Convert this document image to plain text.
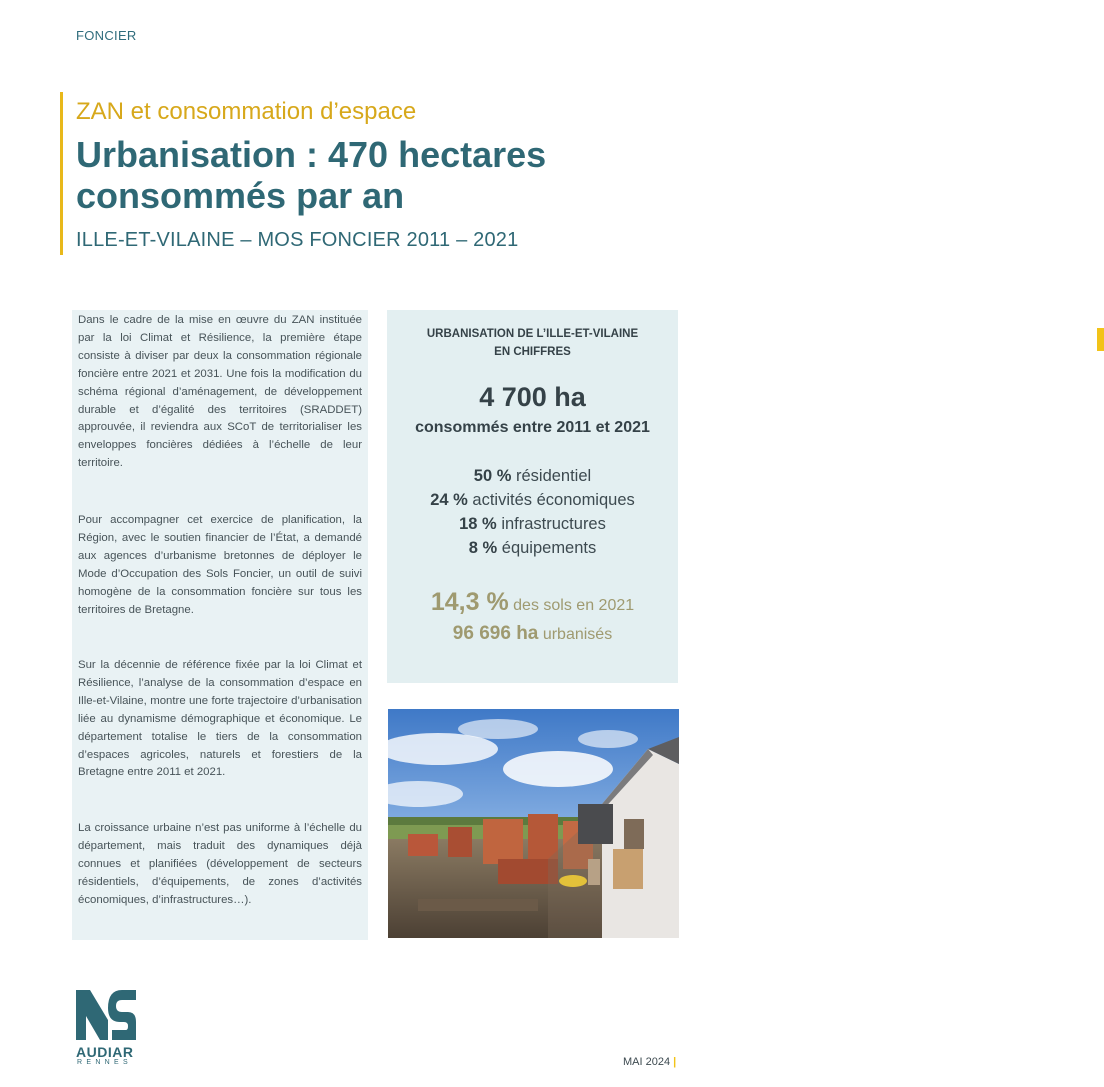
FONCIER
ZAN et consommation d’espace
Urbanisation : 470 hectares consommés par an
ILLE-ET-VILAINE – MOS FONCIER 2011 – 2021

Dans le cadre de la mise en œuvre du ZAN instituée par la loi Climat et Résilience, la première étape consiste à diviser par deux la consommation régionale foncière entre 2021 et 2031. Une fois la modification du schéma régional d’aménagement, de développement durable et d’égalité des territoires (SRADDET) approuvée, il reviendra aux SCoT de territorialiser les enveloppes foncières dédiées à l’échelle de leur territoire.

Pour accompagner cet exercice de planification, la Région, avec le soutien financier de l’État, a demandé aux agences d’urbanisme bretonnes de déployer le Mode d’Occupation des Sols Foncier, un outil de suivi homogène de la consommation foncière sur tous les territoires de Bretagne.

Sur la décennie de référence fixée par la loi Climat et Résilience, l’analyse de la consommation d’espace en Ille-et-Vilaine, montre une forte trajectoire d’urbanisation liée au dynamisme démographique et économique. Le département totalise le tiers de la consommation d’espaces agricoles, naturels et forestiers de la Bretagne entre 2011 et 2021.

La croissance urbaine n’est pas uniforme à l’échelle du département, mais traduit des dynamiques déjà connues et planifiées (développement de secteurs résidentiels, d’équipements, de zones d’activités économiques, d’infrastructures…).

URBANISATION DE L’ILLE-ET-VILAINE
EN CHIFFRES
4 700 ha
consommés entre 2011 et 2021
50 % résidentiel
24 % activités économiques
18 % infrastructures
8 % équipements
14,3 % des sols en 2021
96 696 ha urbanisés
AUDIAR
RENNES	MAI 2024 |
